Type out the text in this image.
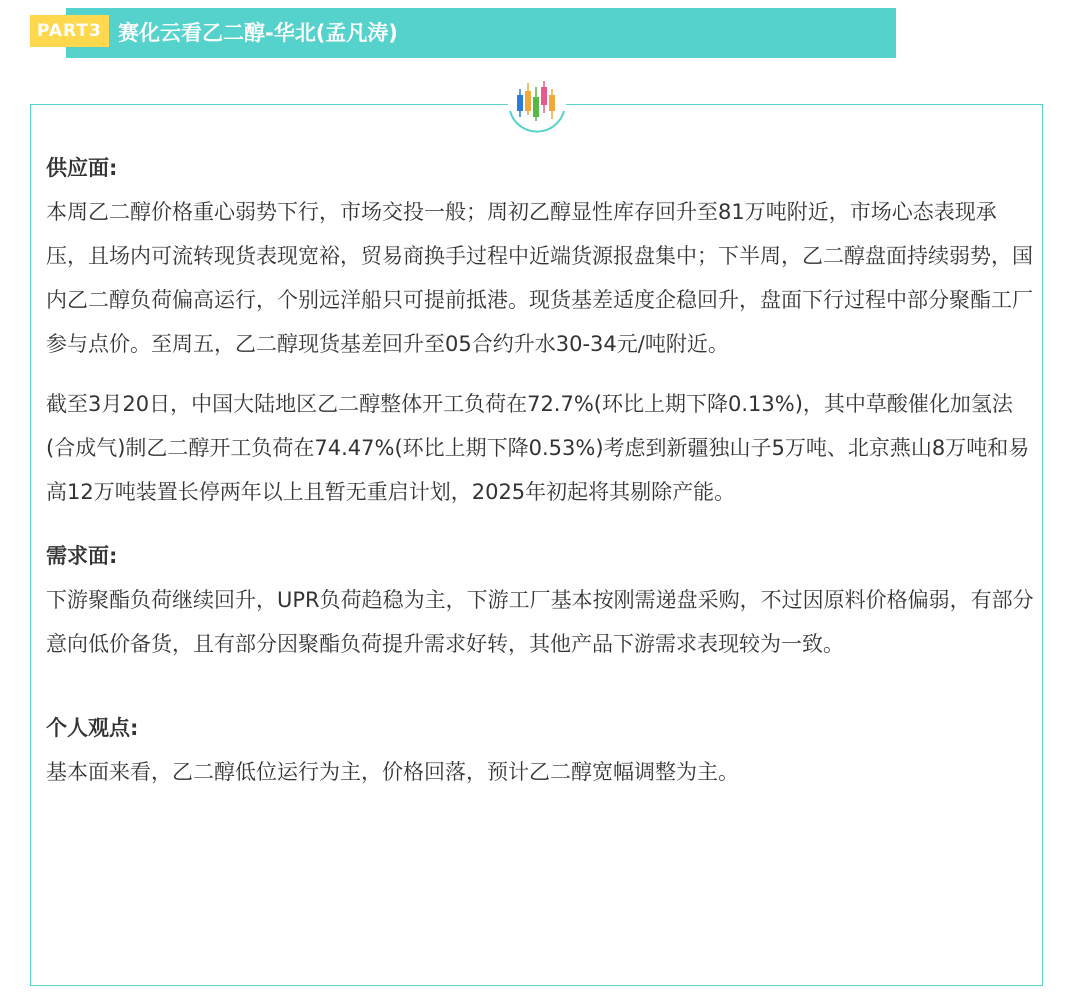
PART3 赛化云看乙二醇-华北(孟凡涛)

供应面:

本周乙二醇价格重心弱势下行，市场交投一般；周初乙醇显性库存回升至81万吨附近，市场心态表现承压，且场内可流转现货表现宽裕，贸易商换手过程中近端货源报盘集中；下半周，乙二醇盘面持续弱势，国内乙二醇负荷偏高运行，个别远洋船只可提前抵港。现货基差适度企稳回升，盘面下行过程中部分聚酯工厂参与点价。至周五，乙二醇现货基差回升至05合约升水30-34元/吨附近。

截至3月20日，中国大陆地区乙二醇整体开工负荷在72.7%(环比上期下降0.13%)，其中草酸催化加氢法(合成气)制乙二醇开工负荷在74.47%(环比上期下降0.53%)考虑到新疆独山子5万吨、北京燕山8万吨和易高12万吨装置长停两年以上且暂无重启计划，2025年初起将其剔除产能。

需求面:

下游聚酯负荷继续回升，UPR负荷趋稳为主，下游工厂基本按刚需递盘采购，不过因原料价格偏弱，有部分意向低价备货，且有部分因聚酯负荷提升需求好转，其他产品下游需求表现较为一致。

个人观点:

基本面来看，乙二醇低位运行为主，价格回落，预计乙二醇宽幅调整为主。
